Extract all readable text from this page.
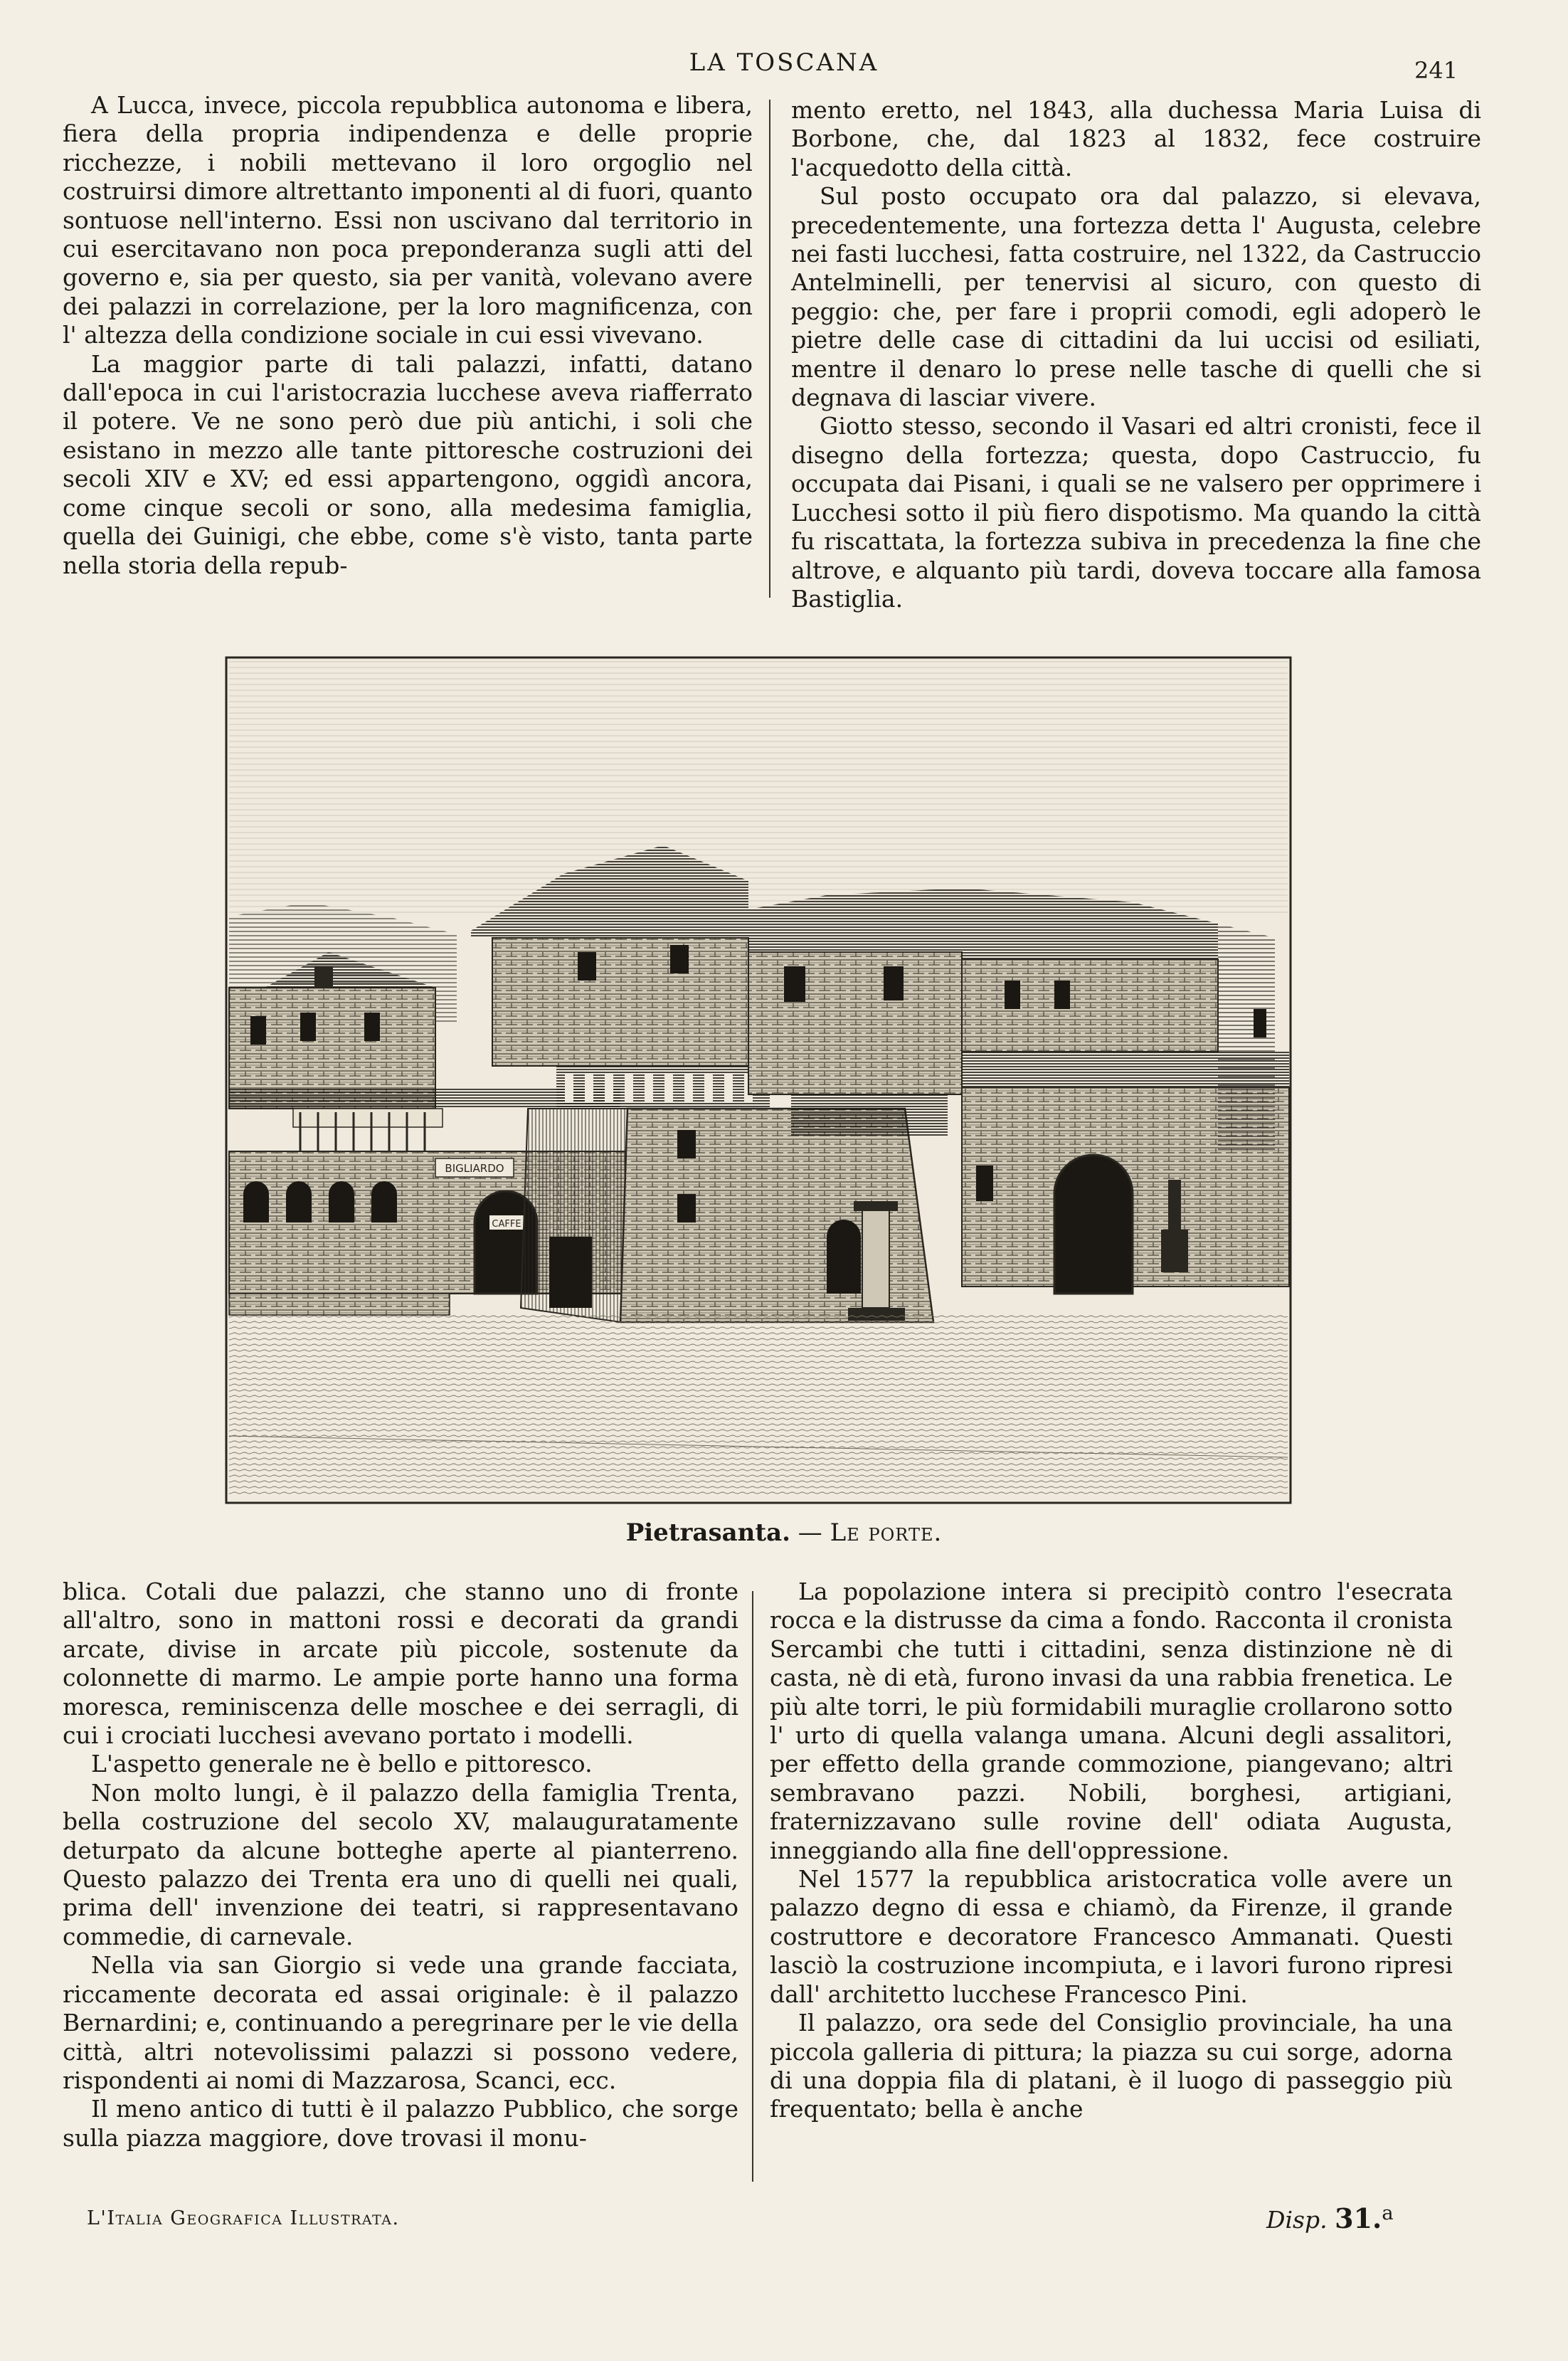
LA TOSCANA	241

A Lucca, invece, piccola repubblica autonoma e libera, fiera della propria indipendenza e delle proprie ricchezze, i nobili mettevano il loro orgoglio nel costruirsi dimore altrettanto imponenti al di fuori, quanto sontuose nell'interno. Essi non uscivano dal territorio in cui esercitavano non poca preponderanza sugli atti del governo e, sia per questo, sia per vanità, volevano avere dei palazzi in correlazione, per la loro magnificenza, con l' altezza della condizione sociale in cui essi vivevano.

La maggior parte di tali palazzi, infatti, datano dall'epoca in cui l'aristocrazia lucchese aveva riafferrato il potere. Ve ne sono però due più antichi, i soli che esistano in mezzo alle tante pittoresche costruzioni dei secoli XIV e XV; ed essi appartengono, oggidì ancora, come cinque secoli or sono, alla medesima famiglia, quella dei Guinigi, che ebbe, come s'è visto, tanta parte nella storia della repub-

mento eretto, nel 1843, alla duchessa Maria Luisa di Borbone, che, dal 1823 al 1832, fece costruire l'acquedotto della città.

Sul posto occupato ora dal palazzo, si elevava, precedentemente, una fortezza detta l' Augusta, celebre nei fasti lucchesi, fatta costruire, nel 1322, da Castruccio Antelminelli, per tenervisi al sicuro, con questo di peggio: che, per fare i proprii comodi, egli adoperò le pietre delle case di cittadini da lui uccisi od esiliati, mentre il denaro lo prese nelle tasche di quelli che si degnava di lasciar vivere.

Giotto stesso, secondo il Vasari ed altri cronisti, fece il disegno della fortezza; questa, dopo Castruccio, fu occupata dai Pisani, i quali se ne valsero per opprimere i Lucchesi sotto il più fiero dispotismo. Ma quando la città fu riscattata, la fortezza subiva in precedenza la fine che altrove, e alquanto più tardi, doveva toccare alla famosa Bastiglia.

BIGLIARDO
CAFFE
Pietrasanta. — Le porte.

blica. Cotali due palazzi, che stanno uno di fronte all'altro, sono in mattoni rossi e decorati da grandi arcate, divise in arcate più piccole, sostenute da colonnette di marmo. Le ampie porte hanno una forma moresca, reminiscenza delle moschee e dei serragli, di cui i crociati lucchesi avevano portato i modelli.

L'aspetto generale ne è bello e pittoresco.

Non molto lungi, è il palazzo della famiglia Trenta, bella costruzione del secolo XV, malauguratamente deturpato da alcune botteghe aperte al pianterreno. Questo palazzo dei Trenta era uno di quelli nei quali, prima dell' invenzione dei teatri, si rappresentavano commedie, di carnevale.

Nella via san Giorgio si vede una grande facciata, riccamente decorata ed assai originale: è il palazzo Bernardini; e, continuando a peregrinare per le vie della città, altri notevolissimi palazzi si possono vedere, rispondenti ai nomi di Mazzarosa, Scanci, ecc.

Il meno antico di tutti è il palazzo Pubblico, che sorge sulla piazza maggiore, dove trovasi il monu-

La popolazione intera si precipitò contro l'esecrata rocca e la distrusse da cima a fondo. Racconta il cronista Sercambi che tutti i cittadini, senza distinzione nè di casta, nè di età, furono invasi da una rabbia frenetica. Le più alte torri, le più formidabili muraglie crollarono sotto l' urto di quella valanga umana. Alcuni degli assalitori, per effetto della grande commozione, piangevano; altri sembravano pazzi. Nobili, borghesi, artigiani, fraternizzavano sulle rovine dell' odiata Augusta, inneggiando alla fine dell'oppressione.

Nel 1577 la repubblica aristocratica volle avere un palazzo degno di essa e chiamò, da Firenze, il grande costruttore e decoratore Francesco Ammanati. Questi lasciò la costruzione incompiuta, e i lavori furono ripresi dall' architetto lucchese Francesco Pini.

Il palazzo, ora sede del Consiglio provinciale, ha una piccola galleria di pittura; la piazza su cui sorge, adorna di una doppia fila di platani, è il luogo di passeggio più frequentato; bella è anche

L'Italia Geografica Illustrata.	Disp. 31.$^a$
